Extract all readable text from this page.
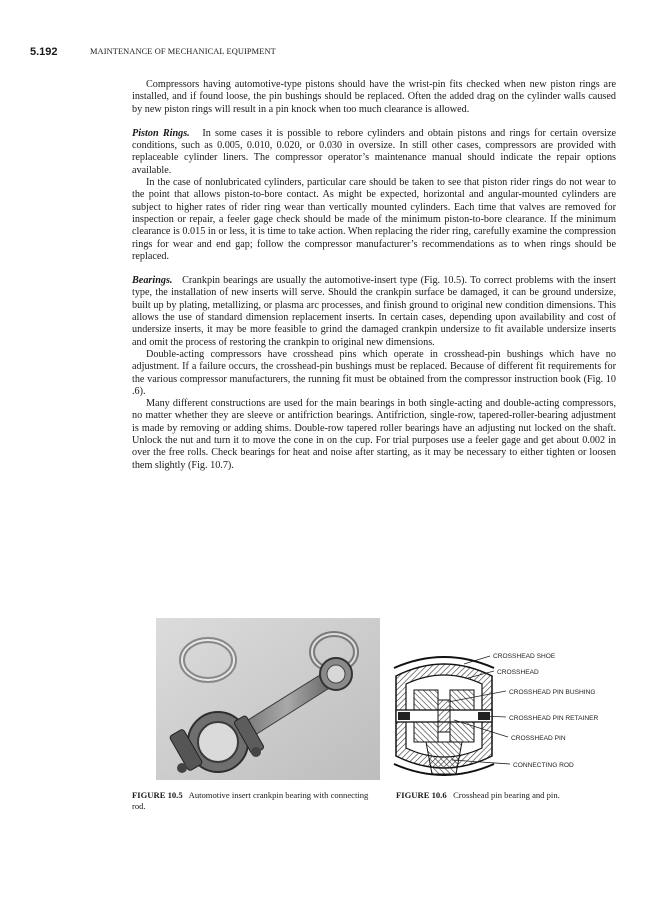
5.192	MAINTENANCE OF MECHANICAL EQUIPMENT

Compressors having automotive-type pistons should have the wrist-pin fits checked when new piston rings are installed, and if found loose, the pin bushings should be replaced. Often the added drag on the cylinder walls caused by new piston rings will result in a pin knock when too much clearance is allowed.

Piston Rings. In some cases it is possible to rebore cylinders and obtain pistons and rings for certain oversize conditions, such as 0.005, 0.010, 0.020, or 0.030 in oversize. In still other cases, compressors are provided with replaceable cylinder liners. The compressor operator’s maintenance manual should indicate the repair options available.

In the case of nonlubricated cylinders, particular care should be taken to see that piston rider rings do not wear to the point that allows piston-to-bore contact. As might be expected, horizontal and angular-mounted cylinders are subject to higher rates of rider ring wear than vertically mounted cylinders. Each time that valves are removed for inspection or repair, a feeler gage check should be made of the minimum piston-to-bore clearance. If the minimum clearance is 0.015 in or less, it is time to take action. When replacing the rider ring, carefully examine the compression rings for wear and end gap; follow the compressor manufacturer’s recommendations as to when rings should be replaced.

Bearings. Crankpin bearings are usually the automotive-insert type (Fig. 10.5). To correct problems with the insert type, the installation of new inserts will serve. Should the crankpin surface be damaged, it can be ground undersize, built up by plating, metallizing, or plasma arc processes, and finish ground to original new condition dimensions. This allows the use of standard dimension replacement inserts. In certain cases, depending upon availability and cost of undersize inserts, it may be more feasible to grind the damaged crankpin undersize to fit available undersize inserts and omit the process of restoring the crankpin to original new dimensions.

Double-acting compressors have crosshead pins which operate in crosshead-pin bushings which have no adjustment. If a failure occurs, the crosshead-pin bushings must be replaced. Because of different fit requirements for the various compressor manufacturers, the running fit must be obtained from the compressor instruction book (Fig. 10 .6).

Many different constructions are used for the main bearings in both single-acting and double-acting compressors, no matter whether they are sleeve or antifriction bearings. Antifriction, single-row, tapered-roller-bearing adjustment is made by removing or adding shims. Double-row tapered roller bearings have an adjusting nut locked on the shaft. Unlock the nut and turn it to move the cone in on the cup. For trial purposes use a feeler gage and get about 0.002 in over the free rolls. Check bearings for heat and noise after starting, as it may be necessary to either tighten or loosen them slightly (Fig. 10.7).

CROSSHEAD SHOE
CROSSHEAD
CROSSHEAD PIN BUSHING
CROSSHEAD PIN RETAINER
CROSSHEAD PIN
CONNECTING ROD
FIGURE 10.5 Automotive insert crankpin bearing with connecting rod.
FIGURE 10.6 Crosshead pin bearing and pin.
